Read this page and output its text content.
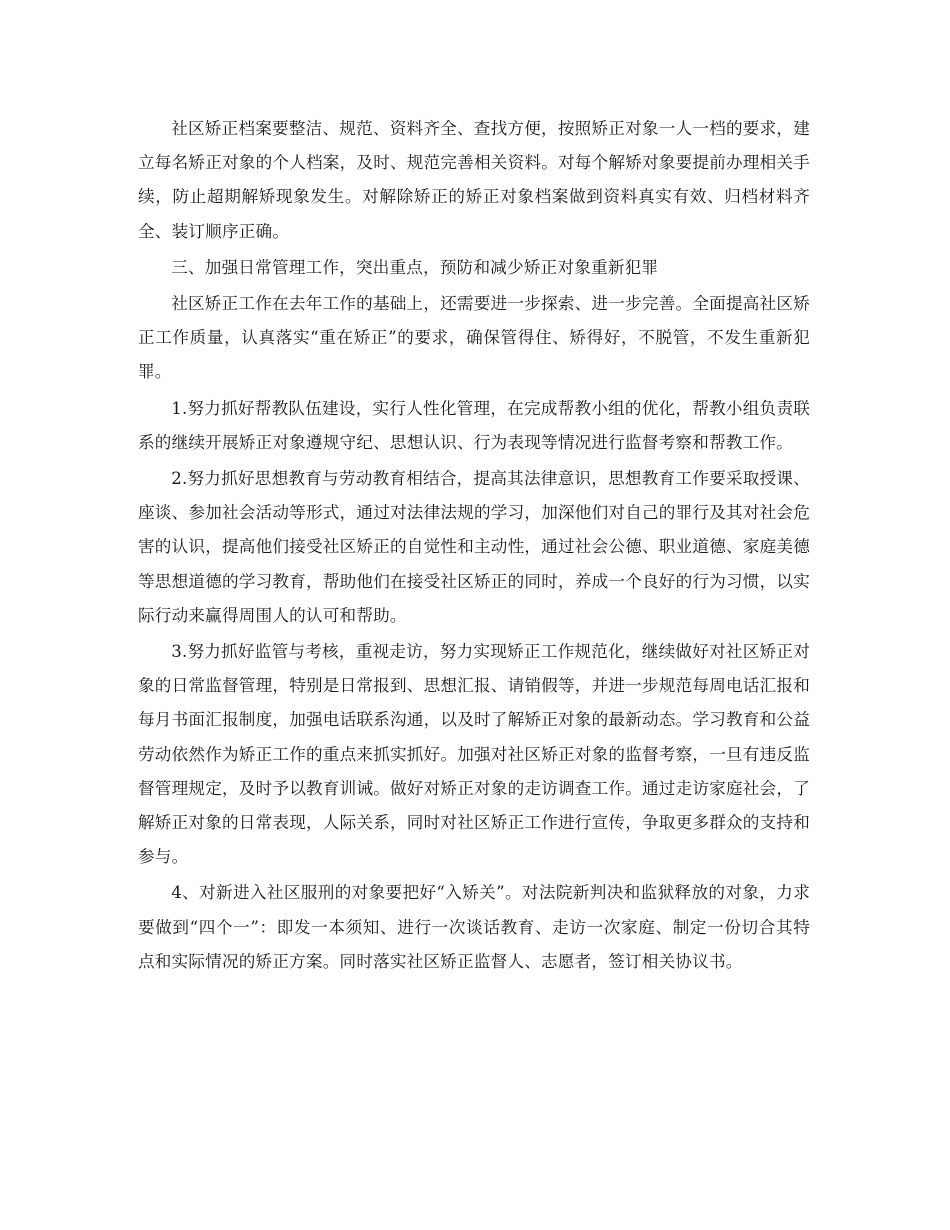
社区矫正档案要整洁、规范、资料齐全、查找方便，按照矫正对象一人一档的要求，建立每名矫正对象的个人档案，及时、规范完善相关资料。对每个解矫对象要提前办理相关手续，防止超期解矫现象发生。对解除矫正的矫正对象档案做到资料真实有效、归档材料齐全、装订顺序正确。

三、加强日常管理工作，突出重点，预防和减少矫正对象重新犯罪

社区矫正工作在去年工作的基础上，还需要进一步探索、进一步完善。全面提高社区矫正工作质量，认真落实“重在矫正”的要求，确保管得住、矫得好，不脱管，不发生重新犯罪。

1.努力抓好帮教队伍建设，实行人性化管理，在完成帮教小组的优化，帮教小组负责联系的继续开展矫正对象遵规守纪、思想认识、行为表现等情况进行监督考察和帮教工作。

2.努力抓好思想教育与劳动教育相结合，提高其法律意识，思想教育工作要采取授课、座谈、参加社会活动等形式，通过对法律法规的学习，加深他们对自己的罪行及其对社会危害的认识，提高他们接受社区矫正的自觉性和主动性，通过社会公德、职业道德、家庭美德等思想道德的学习教育，帮助他们在接受社区矫正的同时，养成一个良好的行为习惯，以实际行动来赢得周围人的认可和帮助。

3.努力抓好监管与考核，重视走访，努力实现矫正工作规范化，继续做好对社区矫正对象的日常监督管理，特别是日常报到、思想汇报、请销假等，并进一步规范每周电话汇报和每月书面汇报制度，加强电话联系沟通，以及时了解矫正对象的最新动态。学习教育和公益劳动依然作为矫正工作的重点来抓实抓好。加强对社区矫正对象的监督考察，一旦有违反监督管理规定，及时予以教育训诫。做好对矫正对象的走访调查工作。通过走访家庭社会，了解矫正对象的日常表现，人际关系，同时对社区矫正工作进行宣传，争取更多群众的支持和参与。

4、对新进入社区服刑的对象要把好“入矫关”。对法院新判决和监狱释放的对象，力求要做到“四个一”：即发一本须知、进行一次谈话教育、走访一次家庭、制定一份切合其特点和实际情况的矫正方案。同时落实社区矫正监督人、志愿者，签订相关协议书。
